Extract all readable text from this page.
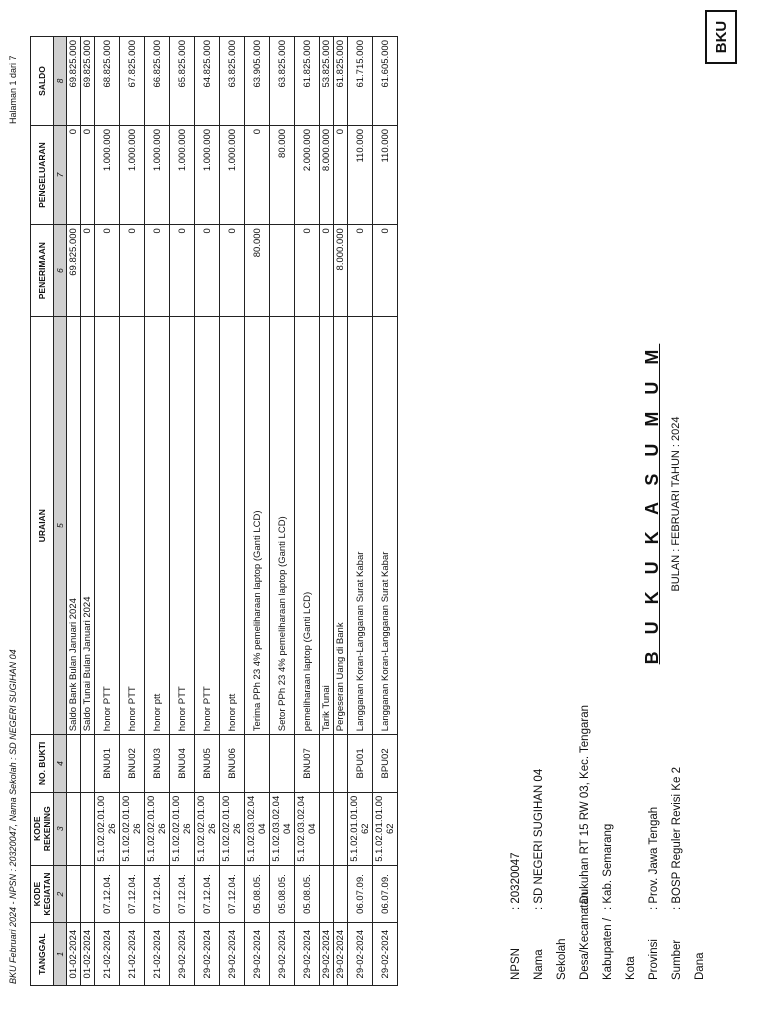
BKU
B U K U K A S U M U M BULAN : FEBRUARI TAHUN : 2024
NPSN
: 20320047
Nama Sekolah
: SD NEGERI SUGIHAN 04
Desa/Kecamatan
: Dukuhan RT 15 RW 03, Kec. Tengaran
Kabupaten / Kota
: Kab. Semarang
Provinsi
: Prov. Jawa Tengah
Sumber Dana
: BOSP Reguler Revisi Ke 2
TANGGAL	KODE KEGIATAN	KODE REKENING	NO. BUKTI	URAIAN	PENERIMAAN	PENGELUARAN	SALDO
1	2	3	4	5	6	7	8
01-02-2024				Saldo Bank Bulan Januari 2024	69.825.000	0	69.825.000
01-02-2024				Saldo Tunai Bulan Januari 2024	0	0	69.825.000
21-02-2024	07.12.04.	5.1.02.02.01.00 26	BNU01	honor PTT	0	1.000.000	68.825.000
21-02-2024	07.12.04.	5.1.02.02.01.00 26	BNU02	honor PTT	0	1.000.000	67.825.000
21-02-2024	07.12.04.	5.1.02.02.01.00 26	BNU03	honor ptt	0	1.000.000	66.825.000
29-02-2024	07.12.04.	5.1.02.02.01.00 26	BNU04	honor PTT	0	1.000.000	65.825.000
29-02-2024	07.12.04.	5.1.02.02.01.00 26	BNU05	honor PTT	0	1.000.000	64.825.000
29-02-2024	07.12.04.	5.1.02.02.01.00 26	BNU06	honor ptt	0	1.000.000	63.825.000
29-02-2024	05.08.05.	5.1.02.03.02.04 04		Terima PPh 23 4% pemeliharaan laptop (Ganti LCD)	80.000	0	63.905.000
29-02-2024	05.08.05.	5.1.02.03.02.04 04		Setor PPh 23 4% pemeliharaan laptop (Ganti LCD)		80.000	63.825.000
29-02-2024	05.08.05.	5.1.02.03.02.04 04	BNU07	pemeliharaan laptop (Ganti LCD)	0	2.000.000	61.825.000
29-02-2024				Tarik Tunai	0	8.000.000	53.825.000
29-02-2024				Pergeseran Uang di Bank	8.000.000	0	61.825.000
29-02-2024	06.07.09.	5.1.02.01.01.00 62	BPU01	Langganan Koran-Langganan Surat Kabar	0	110.000	61.715.000
29-02-2024	06.07.09.	5.1.02.01.01.00 62	BPU02	Langganan Koran-Langganan Surat Kabar	0	110.000	61.605.000
BKU Februari 2024 - NPSN : 20320047, Nama Sekolah : SD NEGERI SUGIHAN 04
Halaman 1 dari 7
